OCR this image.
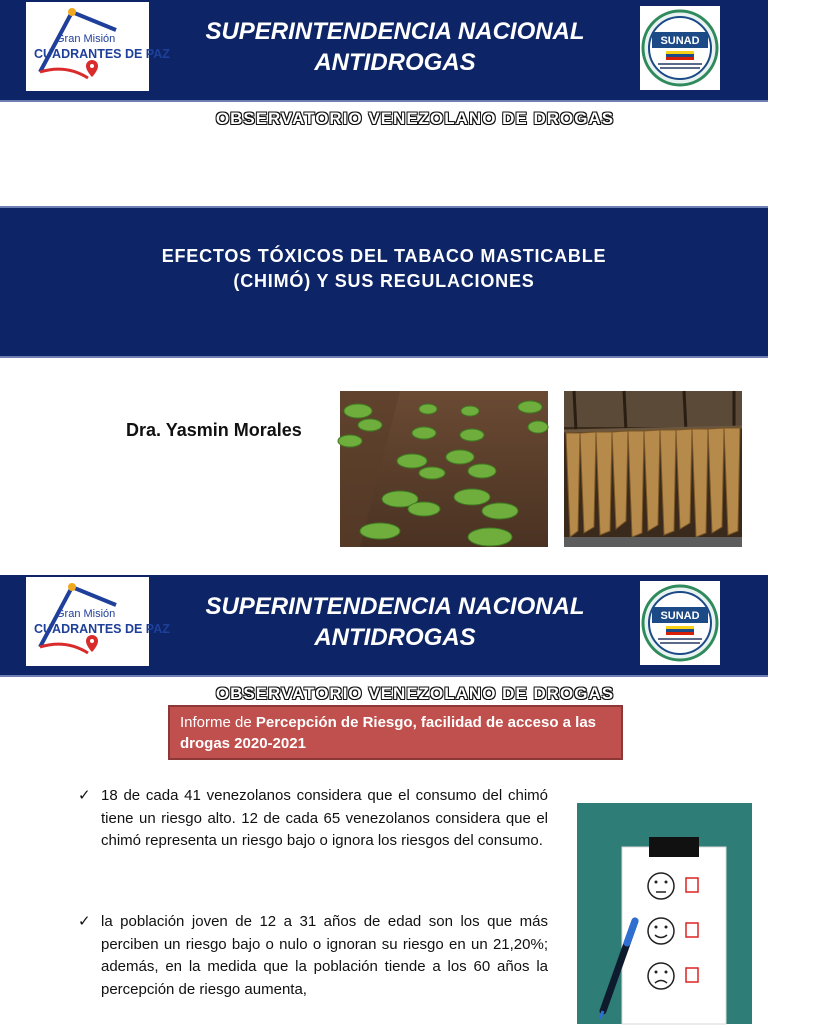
Gran Misión
CUADRANTES DE PAZ
SUPERINTENDENCIA NACIONAL
ANTIDROGAS
SUNAD
OBSERVATORIO VENEZOLANO DE DROGAS
EFECTOS TÓXICOS DEL TABACO MASTICABLE
(CHIMÓ) Y SUS REGULACIONES
Dra. Yasmin Morales
Gran Misión
CUADRANTES DE PAZ
SUPERINTENDENCIA NACIONAL
ANTIDROGAS
SUNAD
OBSERVATORIO VENEZOLANO DE DROGAS
Informe de Percepción de Riesgo, facilidad de acceso a las drogas 2020-2021
✓ 18 de cada 41 venezolanos considera que el consumo del chimó tiene un riesgo alto. 12 de cada 65 venezolanos considera que el chimó representa un riesgo bajo o ignora los riesgos del consumo.
✓ la población joven de 12 a 31 años de edad son los que más perciben un riesgo bajo o nulo o ignoran su riesgo en un 21,20%; además, en la medida que la población tiende a los 60 años la percepción de riesgo aumenta,
